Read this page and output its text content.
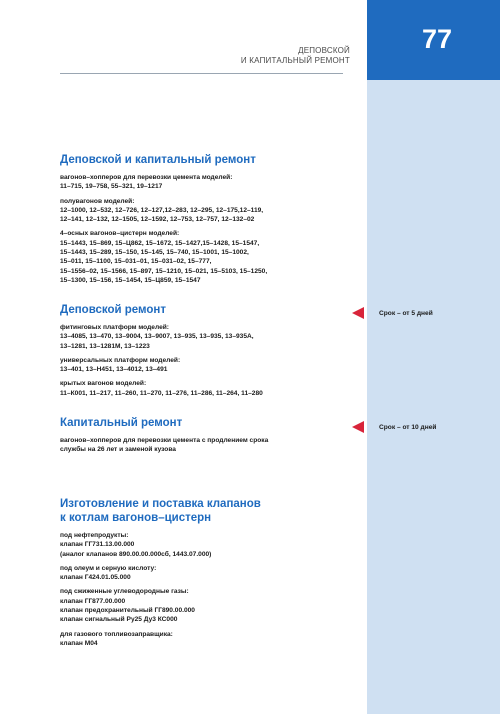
77
ДЕПОВСКОЙ
И КАПИТАЛЬНЫЙ РЕМОНТ
Деповской и капитальный ремонт
вагонов–хопперов для перевозки цемента моделей:
11–715, 19–758, 55–321, 19–1217
полувагонов моделей:
12–1000, 12–532, 12–726, 12–127,12–283, 12–295, 12–175,12–119,
12–141, 12–132, 12–1505, 12–1592, 12–753, 12–757, 12–132–02
4–осных вагонов–цистерн моделей:
15–1443, 15–869, 15–Ц862, 15–1672, 15–1427,15–1428, 15–1547,
15–1443, 15–289, 15–150, 15–145, 15–740, 15–1001, 15–1002,
15–011, 15–1100, 15–031–01, 15–031–02, 15–777,
15–1556–02, 15–1566, 15–897, 15–1210, 15–021, 15–5103, 15–1250,
15–1300, 15–156, 15–1454, 15–Ц859, 15–1547
Деповской ремонт
фитинговых платформ моделей:
13–4085, 13–470, 13–9004, 13–9007, 13–935, 13–935, 13–935А,
13–1281, 13–1281М, 13–1223
универсальных платформ моделей:
13–401, 13–Н451, 13–4012, 13–491
крытых вагонов моделей:
11–К001, 11–217, 11–260, 11–270, 11–276, 11–286, 11–264, 11–280
Капитальный ремонт
вагонов–хопперов для перевозки цемента с продлением срока
службы на 26 лет и заменой кузова
Изготовление и поставка клапанов
к котлам вагонов–цистерн
под нефтепродукты:
клапан ГГ731.13.00.000
(аналог клапанов 890.00.00.000сб, 1443.07.000)
под олеум и серную кислоту:
клапан Г424.01.05.000
под сжиженные углеводородные газы:
клапан ГГ877.00.000
клапан предохранительный ГГ890.00.000
клапан сигнальный Ру25 Ду3 КС000
для газового топливозаправщика:
клапан М04
Срок – от 5 дней
Срок – от 10 дней
